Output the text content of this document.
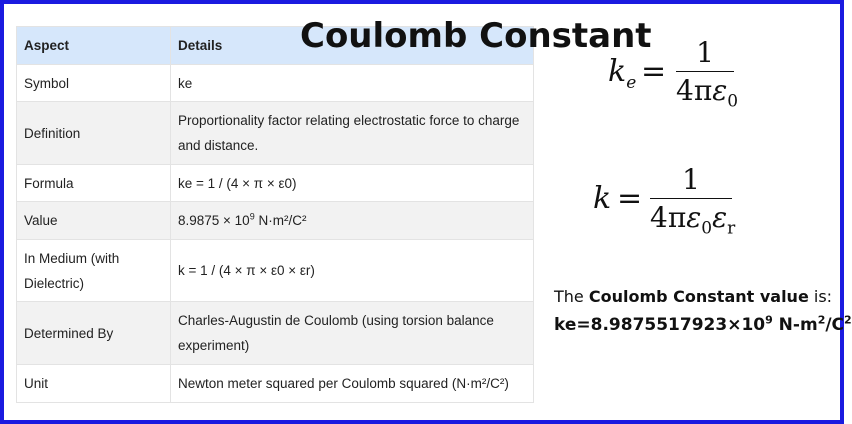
Aspect	Details
Symbol	ke
Definition	Proportionality factor relating electrostatic force to charge and distance.
Formula	ke = 1 / (4 × π × ε0)
Value	$8.9875 \times 10^9$ N·m²/C²
In Medium (with Dielectric)	k = 1 / (4 × π × ε0 × εr)
Determined By	Charles-Augustin de Coulomb (using torsion balance experiment)
Unit	Newton meter squared per Coulomb squared (N·m²/C²)
Coulomb Constant
$k_e$ =
1
$4\pi\varepsilon_0$
k =
1
$4\pi\varepsilon_0\varepsilon_r$
The Coulomb Constant value is:
$ke=8.9875517923\times 10^9$ $N-m^2/C^2$
